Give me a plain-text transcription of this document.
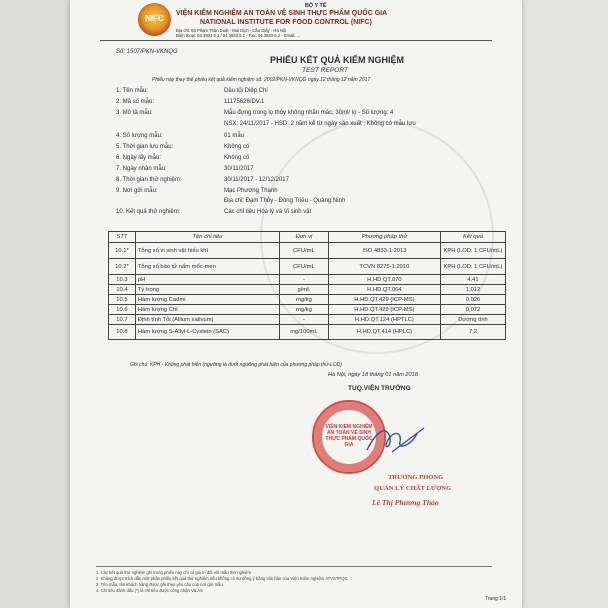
NIFC
BỘ Y TẾ
VIỆN KIỂM NGHIỆM AN TOÀN VỆ SINH THỰC PHẨM QUỐC GIA
NATIONAL INSTITUTE FOR FOOD CONTROL (NIFC)
Địa chỉ: 65 Phạm Thận Duật - Mai Dịch - Cầu Giấy - Hà Nội
Điện thoại: 04.3933.5.1 / 04.3933.5.1 - Fax: 04.3933.5.2 - Email: ...
Số: 1507/PKN-VKNQG
PHIẾU KẾT QUẢ KIỂM NGHIỆM
TEST REPORT
Phiếu này thay thế phiếu kết quả kiểm nghiệm số: 2002/PKN-VKNQG ngày 12 tháng 12 năm 2017
1. Tên mẫu:	Dầu tỏi Diệp Chi
2. Mã số mẫu:	11175626/DV.1
3. Mô tả mẫu:	Mẫu đựng trong lọ thủy không nhãn mác, 30ml/ lọ - Số lượng: 4
NSX: 24/11/2017 - HSD: 2 năm kể từ ngày sản xuất ; Không có mẫu lưu
4. Số lượng mẫu:	01 mẫu
5. Thời gian lưu mẫu:	Không có
6. Ngày lấy mẫu:	Không có
7. Ngày nhận mẫu:	30/11/2017
8. Thời gian thử nghiệm:	30/11/2017 - 12/12/2017
9. Nơi gửi mẫu:	Mạc Phương Thanh
Địa chỉ: Đạm Thủy - Đông Triều - Quảng Ninh
10. Kết quả thử nghiệm:	Các chỉ tiêu Hóa lý và Vi sinh vật
STT	Tên chỉ tiêu	Đơn vị	Phương pháp thử	Kết quả
10.1*	Tổng số vi sinh vật hiếu khí	CFU/mL	ISO 4833-1:2013	KPH (LOD: 1 CFU/mL)
10.2*	Tổng số bào tử nấm mốc-men	CFU/mL	TCVN 8275-1:2010	KPH (LOD: 1 CFU/mL)
10.3	pH	-	H.HD.QT.070	4,41
10.4	Tỷ trọng	g/mL	H.HD.QT.064	1,012
10.5	Hàm lượng Cadmi	mg/kg	H.HD.QT.429 (ICP-MS)	0,026
10.6	Hàm lượng Chì	mg/kg	H.HD.QT.429 (ICP-MS)	0,072
10.7	Định tính Tỏi (Allium sativum)	-	H.HD.QT.124 (HPTLC)	Dương tính
10.8	Hàm lượng S-Allyl-L-Cystein (SAC)	mg/100mL	H.HD.QT.414 (HPLC)	7,2
Ghi chú: KPH - Không phát hiện (ngưỡng là dưới ngưỡng phát hiện của phương pháp thử-LOD)
Hà Nội, ngày 18 tháng 01 năm 2018
TUQ.VIỆN TRƯỞNG
VIỆN KIỂM NGHIỆM AN TOÀN VỆ SINH THỰC PHẨM QUỐC GIA
TRƯỞNG PHÒNG
QUẢN LÝ CHẤT LƯỢNG
Lê Thị Phương Thảo
1. Các kết quả thử nghiệm ghi trong phiếu này chỉ có giá trị đối với mẫu thử nghiệm
2. Không được trích dẫn một phần phiếu kết quả thử nghiệm nếu không có sự đồng ý bằng văn bản của Viện Kiểm nghiệm ATVSTPQG
3. Tên mẫu, tên khách hàng được ghi theo yêu cầu của nơi gửi mẫu
4. Chỉ tiêu đánh dấu (*) là chỉ tiêu được công nhận VILAS
Trang 1/1
